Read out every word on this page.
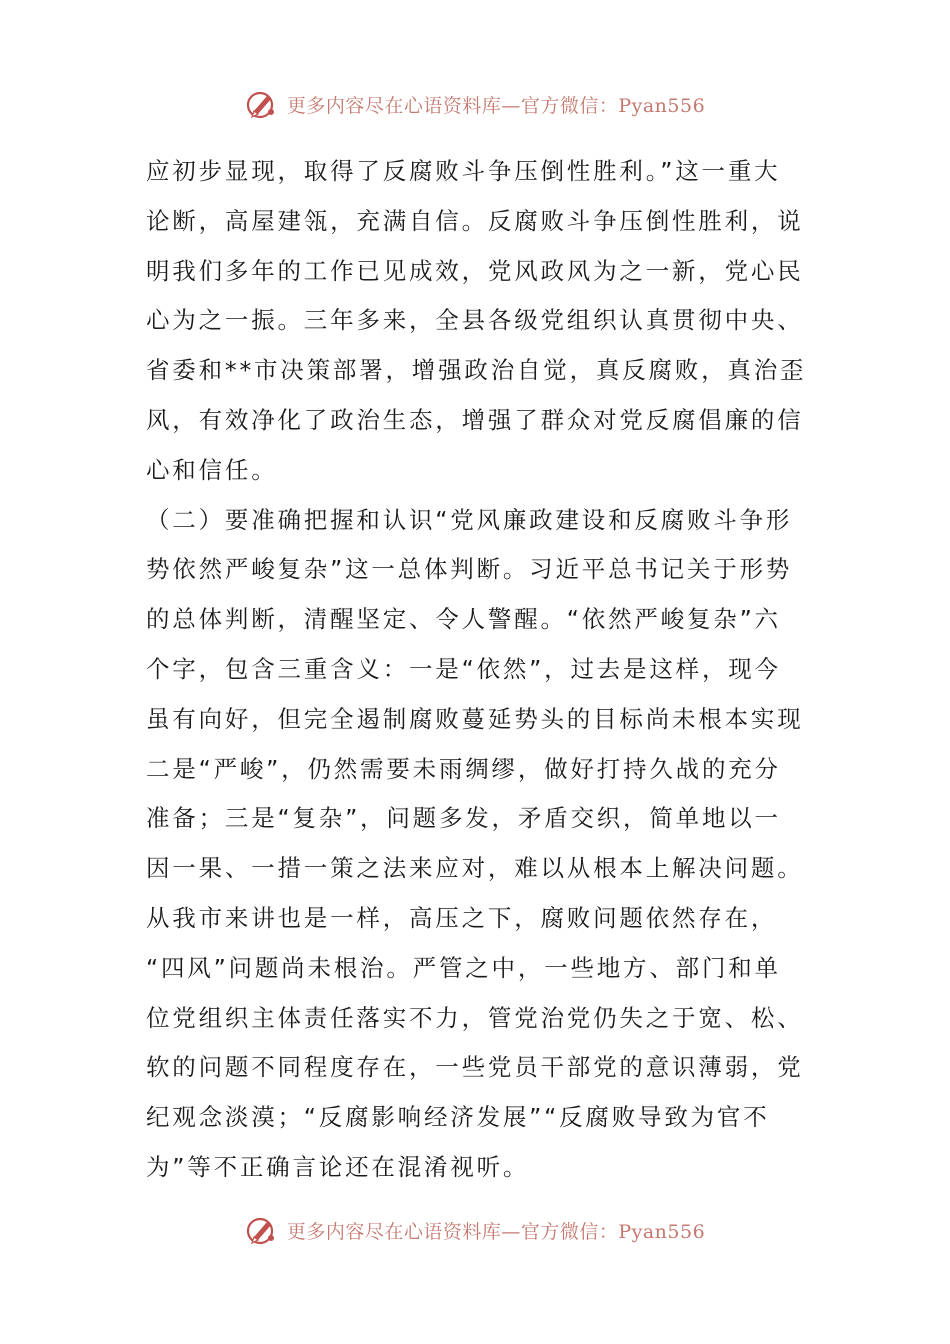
更多内容尽在心语资料库—官方微信：Pyan556
应初步显现，取得了反腐败斗争压倒性胜利。”这一重大
论断，高屋建瓴，充满自信。反腐败斗争压倒性胜利，说
明我们多年的工作已见成效，党风政风为之一新，党心民
心为之一振。三年多来，全县各级党组织认真贯彻中央、
省委和**市决策部署，增强政治自觉，真反腐败，真治歪
风，有效净化了政治生态，增强了群众对党反腐倡廉的信
心和信任。
（二）要准确把握和认识“党风廉政建设和反腐败斗争形
势依然严峻复杂”这一总体判断。习近平总书记关于形势
的总体判断，清醒坚定、令人警醒。“依然严峻复杂”六
个字，包含三重含义：一是“依然”，过去是这样，现今
虽有向好，但完全遏制腐败蔓延势头的目标尚未根本实现
二是“严峻”，仍然需要未雨绸缪，做好打持久战的充分
准备；三是“复杂”，问题多发，矛盾交织，简单地以一
因一果、一措一策之法来应对，难以从根本上解决问题。
从我市来讲也是一样，高压之下，腐败问题依然存在，
“四风”问题尚未根治。严管之中，一些地方、部门和单
位党组织主体责任落实不力，管党治党仍失之于宽、松、
软的问题不同程度存在，一些党员干部党的意识薄弱，党
纪观念淡漠；“反腐影响经济发展”“反腐败导致为官不
为”等不正确言论还在混淆视听。
更多内容尽在心语资料库—官方微信：Pyan556
